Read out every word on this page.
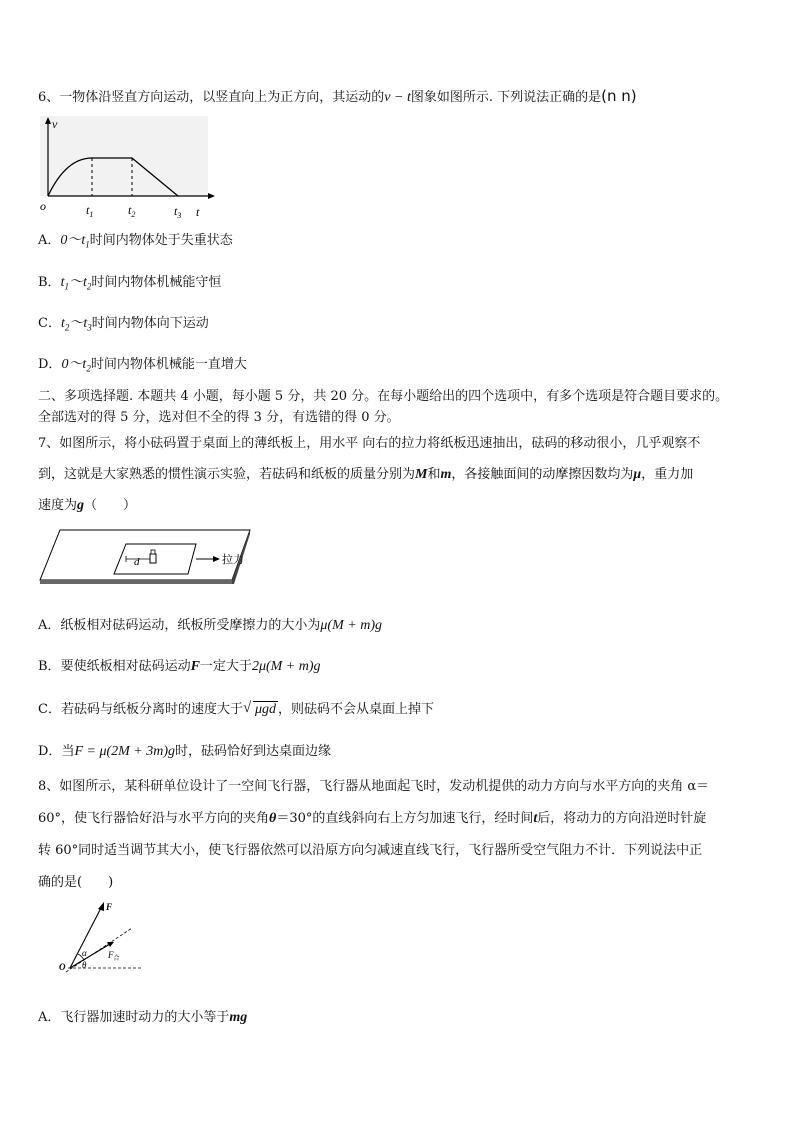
6、一物体沿竖直方向运动，以竖直向上为正方向，其运动的v − t图象如图所示. 下列说法正确的是(n n)
v
o	$t_1$	$t_2$	$t_3$ t
A．$0\sim t_1$时间内物体处于失重状态
B．$t_1\sim t_2$时间内物体机械能守恒
C．$t_2\sim t_3$时间内物体向下运动
D．$0\sim t_2$时间内物体机械能一直增大
二、多项选择题. 本题共 4 小题，每小题 5 分，共 20 分。在每小题给出的四个选项中，有多个选项是符合题目要求的。
全部选对的得 5 分，选对但不全的得 3 分，有选错的得 0 分。
7、如图所示，将小砝码置于桌面上的薄纸板上，用水平 向右的拉力将纸板迅速抽出，砝码的移动很小，几乎观察不
到，这就是大家熟悉的惯性演示实验，若砝码和纸板的质量分别为M和m，各接触面间的动摩擦因数均为μ，重力加
速度为g（　　）
d	拉力
A．纸板相对砝码运动，纸板所受摩擦力的大小为μ(M + m)g
B．要使纸板相对砝码运动F一定大于2μ(M + m)g
C．若砝码与纸板分离时的速度大于 √ μgd ，则砝码不会从桌面上掉下
D．当F = μ(2M + 3m)g时，砝码恰好到达桌面边缘
8、如图所示，某科研单位设计了一空间飞行器，飞行器从地面起飞时，发动机提供的动力方向与水平方向的夹角 α＝
60°，使飞行器恰好沿与水平方向的夹角θ＝30°的直线斜向右上方匀加速飞行，经时间t后，将动力的方向沿逆时针旋
转 60°同时适当调节其大小，使飞行器依然可以沿原方向匀减速直线飞行，飞行器所受空气阻力不计．下列说法中正
确的是(　　)
F
α
O θ
$F_合$
A．飞行器加速时动力的大小等于mg
